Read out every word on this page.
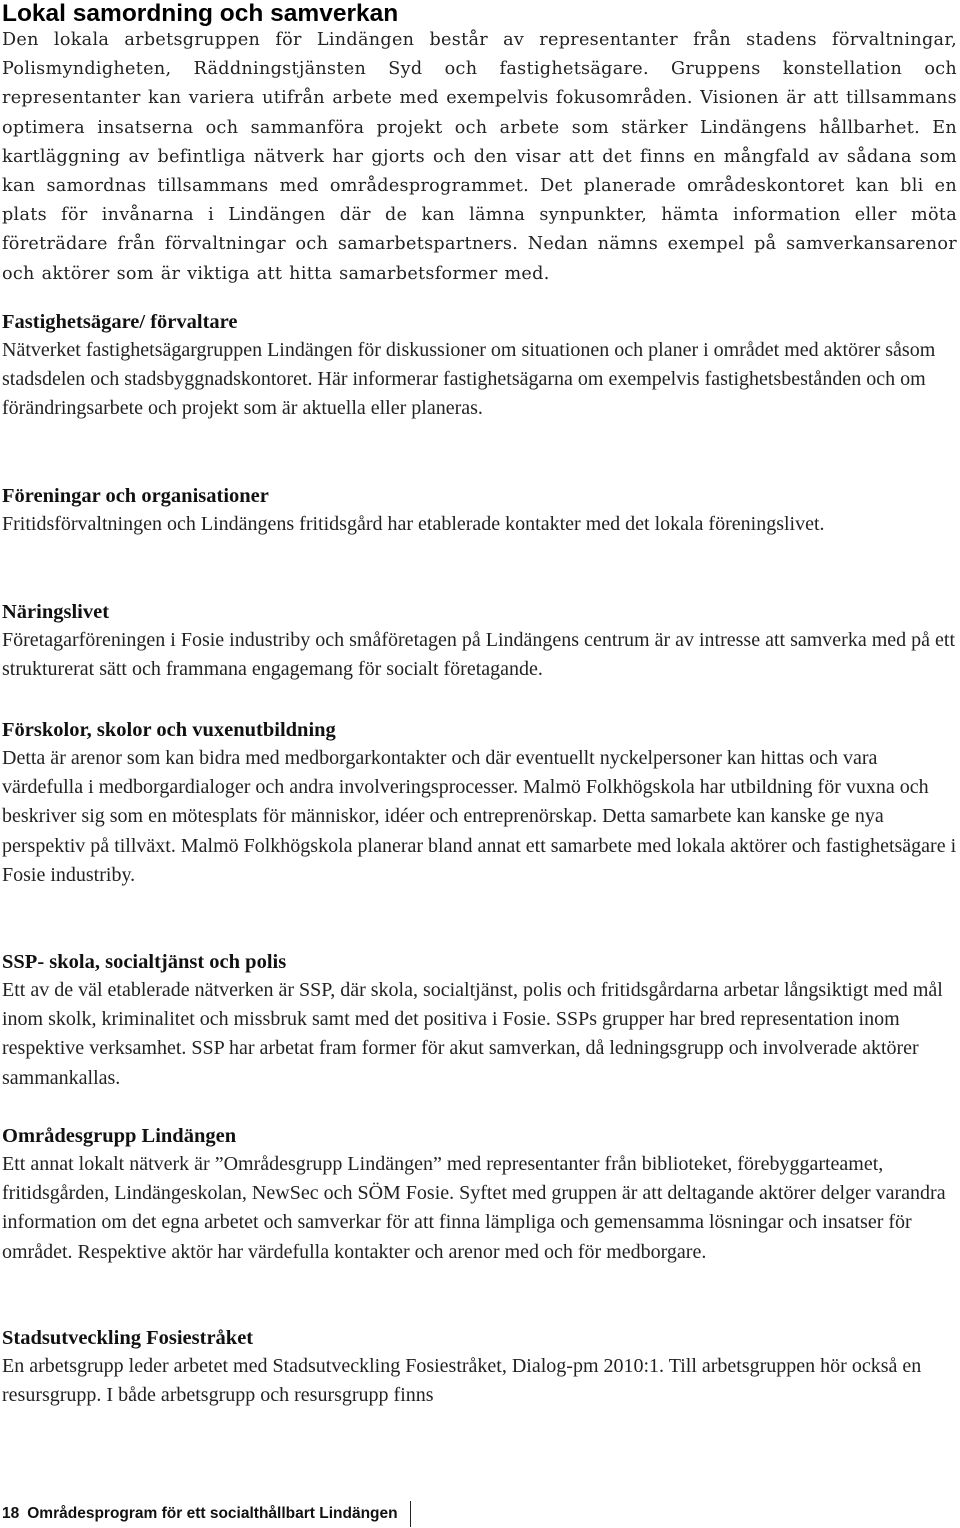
Lokal samordning och samverkan

Den lokala arbetsgruppen för Lindängen består av representanter från stadens förvaltningar, Polismyndigheten, Räddningstjänsten Syd och fastighetsägare. Gruppens konstellation och representanter kan variera utifrån arbete med exempelvis fokusområden. Visionen är att tillsammans optimera insatserna och sammanföra projekt och arbete som stärker Lindängens hållbarhet. En kartläggning av befintliga nätverk har gjorts och den visar att det finns en mångfald av sådana som kan samordnas tillsammans med områdesprogrammet. Det planerade områdeskontoret kan bli en plats för invånarna i Lindängen där de kan lämna synpunkter, hämta information eller möta företrädare från förvaltningar och samarbetspartners. Nedan nämns exempel på samverkansarenor och aktörer som är viktiga att hitta samarbetsformer med.

Fastighetsägare/ förvaltare

Nätverket fastighetsägargruppen Lindängen för diskussioner om situationen och planer i området med aktörer såsom stadsdelen och stadsbyggnadskontoret. Här informerar fastighetsägarna om exempelvis fastighetsbestånden och om förändringsarbete och projekt som är aktuella eller planeras.

Föreningar och organisationer

Fritidsförvaltningen och Lindängens fritidsgård har etablerade kontakter med det lokala föreningslivet.

Näringslivet

Företagarföreningen i Fosie industriby och småföretagen på Lindängens centrum är av intresse att samverka med på ett strukturerat sätt och frammana engagemang för socialt företagande.

Förskolor, skolor och vuxenutbildning

Detta är arenor som kan bidra med medborgarkontakter och där eventuellt nyckelpersoner kan hittas och vara värdefulla i medborgardialoger och andra involveringsprocesser. Malmö Folkhögskola har utbildning för vuxna och beskriver sig som en mötesplats för människor, idéer och entreprenörskap. Detta samarbete kan kanske ge nya perspektiv på tillväxt. Malmö Folkhögskola planerar bland annat ett samarbete med lokala aktörer och fastighetsägare i Fosie industriby.

SSP- skola, socialtjänst och polis

Ett av de väl etablerade nätverken är SSP, där skola, socialtjänst, polis och fritidsgårdarna arbetar långsiktigt med mål inom skolk, kriminalitet och missbruk samt med det positiva i Fosie. SSPs grupper har bred representation inom respektive verksamhet. SSP har arbetat fram former för akut samverkan, då ledningsgrupp och involverade aktörer sammankallas.

Områdesgrupp Lindängen

Ett annat lokalt nätverk är ”Områdesgrupp Lindängen” med representanter från biblioteket, förebyggarteamet, fritidsgården, Lindängeskolan, NewSec och SÖM Fosie. Syftet med gruppen är att deltagande aktörer delger varandra information om det egna arbetet och samverkar för att finna lämpliga och gemensamma lösningar och insatser för området. Respektive aktör har värdefulla kontakter och arenor med och för medborgare.

Stadsutveckling Fosiestråket

En arbetsgrupp leder arbetet med Stadsutveckling Fosiestråket, Dialog-pm 2010:1. Till arbetsgruppen hör också en resursgrupp. I både arbetsgrupp och resursgrupp finns

18 Områdesprogram för ett socialthållbart Lindängen
